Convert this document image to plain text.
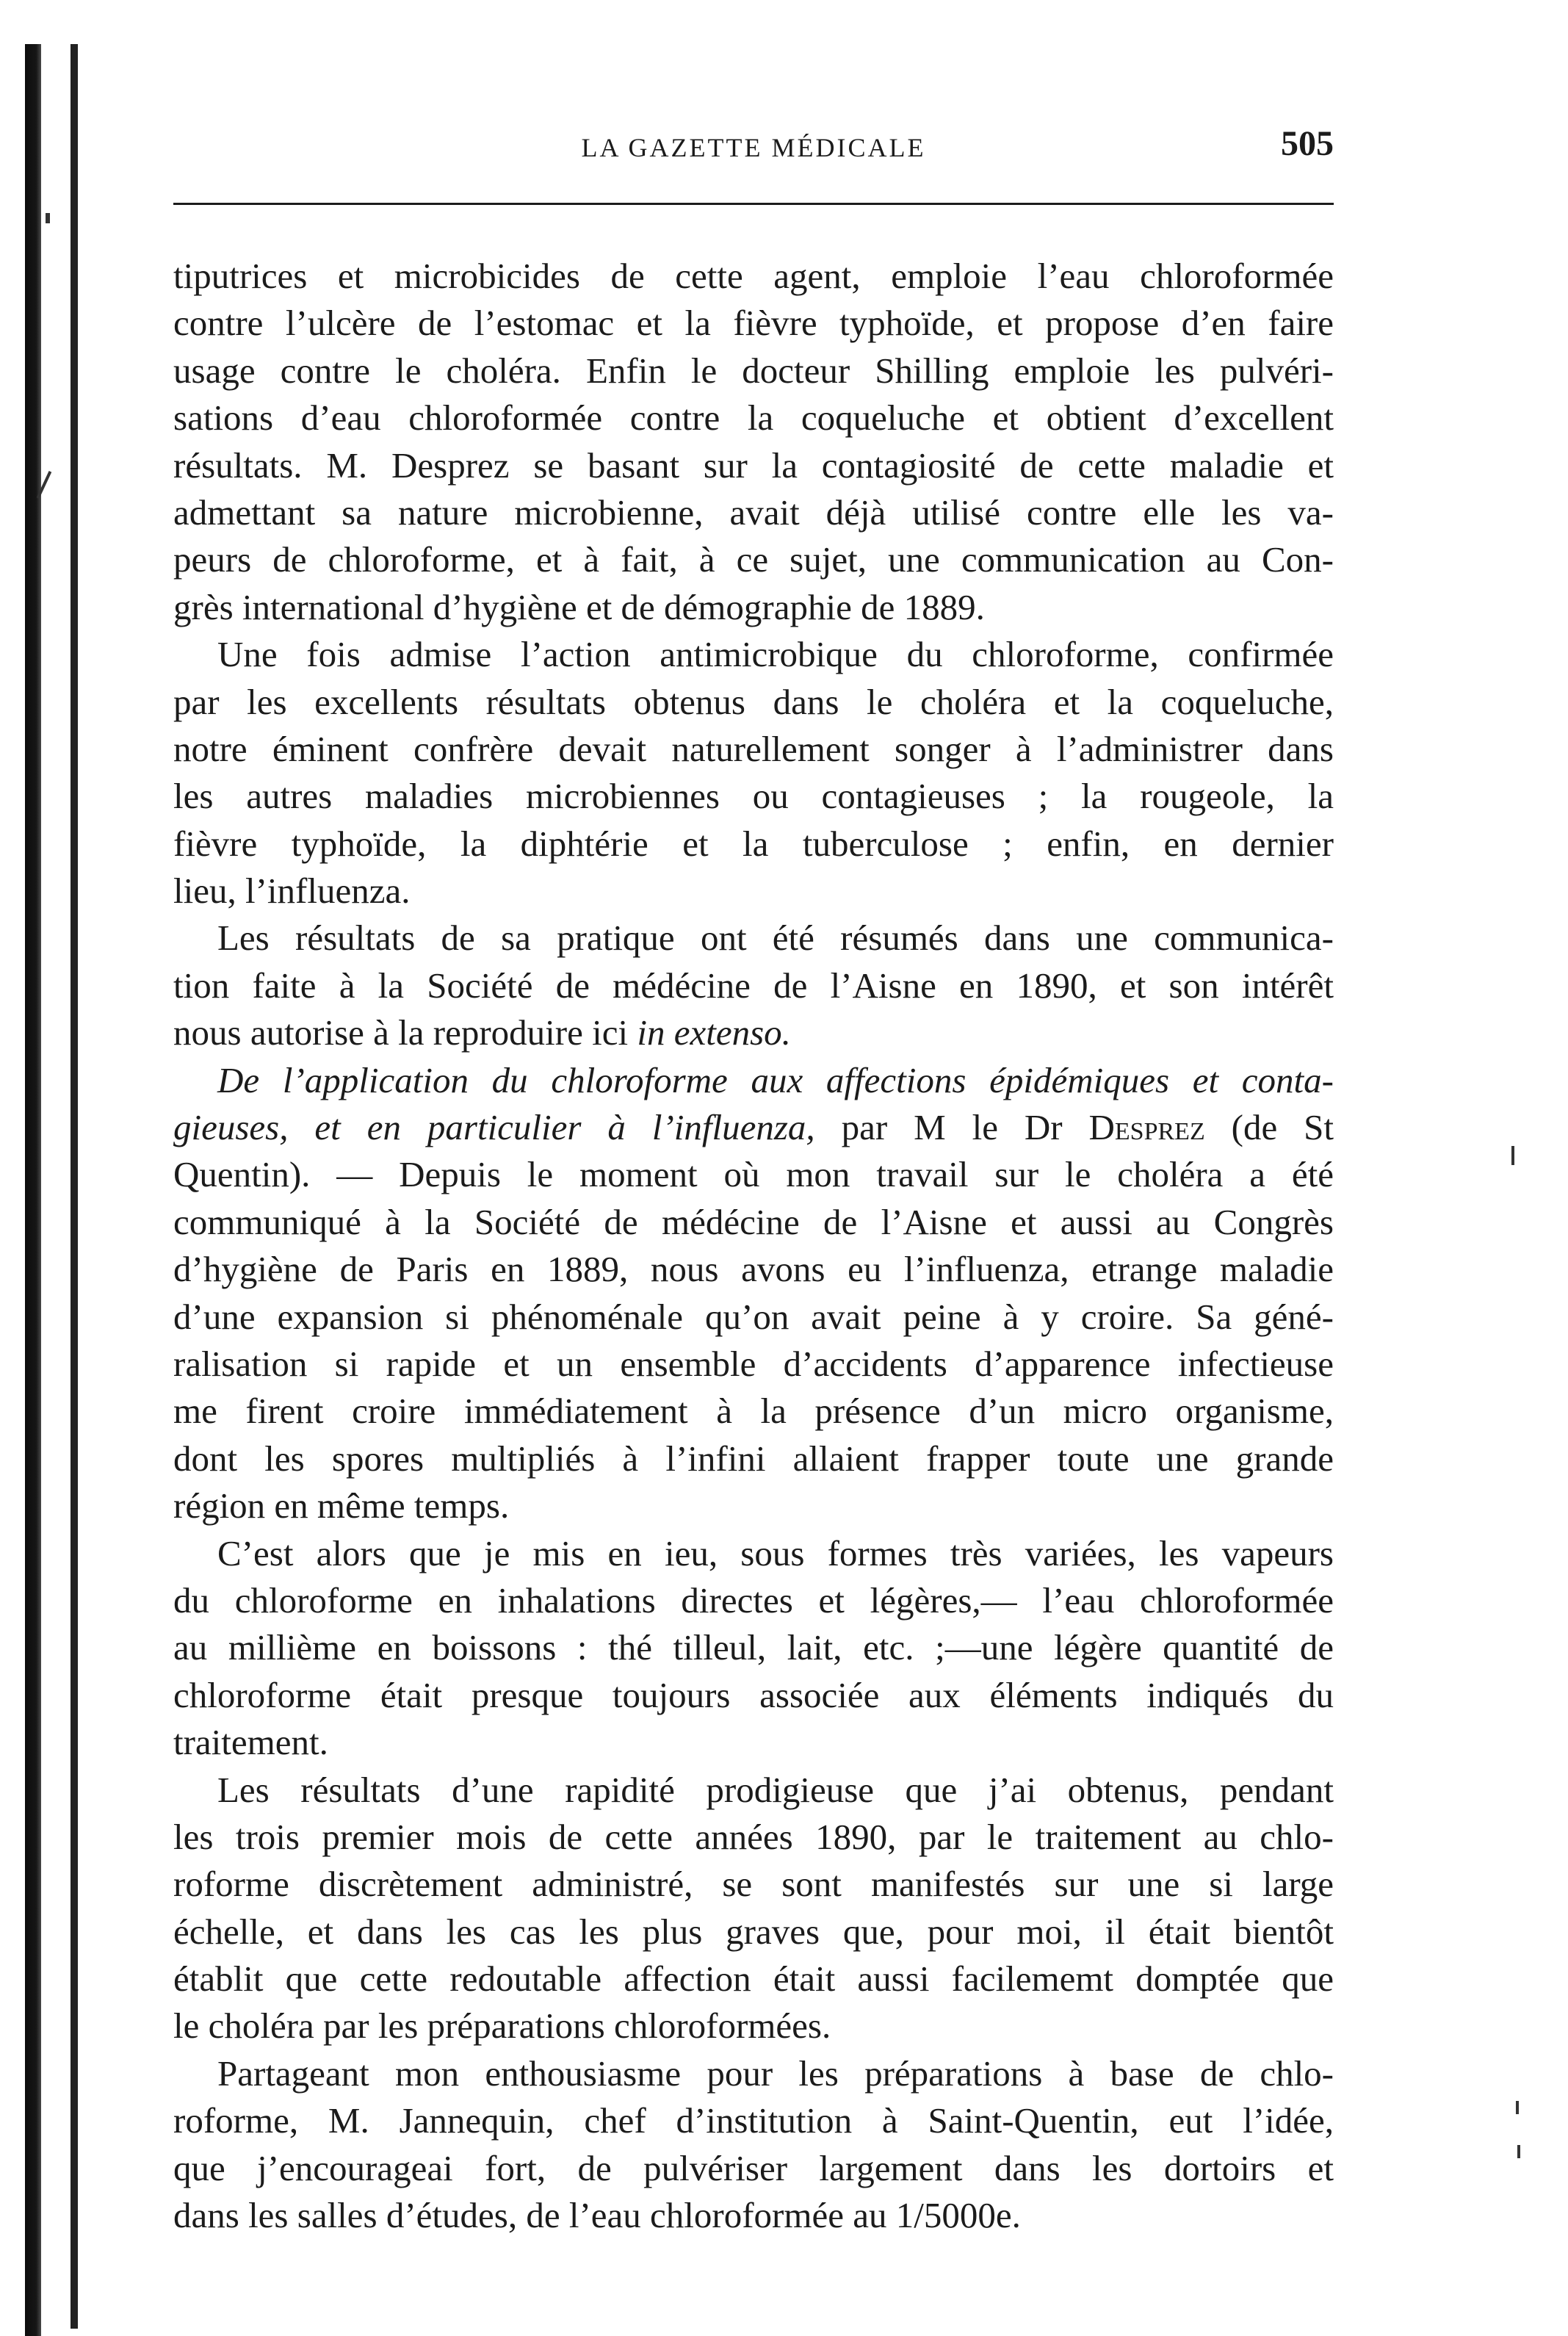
LA GAZETTE MÉDICALE	505
tiputrices et microbicides de cette agent, emploie l’eau chloroformée
contre l’ulcère de l’estomac et la fièvre typhoïde, et propose d’en faire
usage contre le choléra. Enfin le docteur Shilling emploie les pulvéri-
sations d’eau chloroformée contre la coqueluche et obtient d’excellent
résultats. M. Desprez se basant sur la contagiosité de cette maladie et
admettant sa nature microbienne, avait déjà utilisé contre elle les va-
peurs de chloroforme, et à fait, à ce sujet, une communication au Con-
grès international d’hygiène et de démographie de 1889.
Une fois admise l’action antimicrobique du chloroforme, confirmée
par les excellents résultats obtenus dans le choléra et la coqueluche,
notre éminent confrère devait naturellement songer à l’administrer dans
les autres maladies microbiennes ou contagieuses ; la rougeole, la
fièvre typhoïde, la diphtérie et la tuberculose ; enfin, en dernier
lieu, l’influenza.
Les résultats de sa pratique ont été résumés dans une communica-
tion faite à la Société de médécine de l’Aisne en 1890, et son intérêt
nous autorise à la reproduire ici in extenso.
De l’application du chloroforme aux affections épidémiques et conta-
gieuses, et en particulier à l’influenza, par M le Dr Desprez (de St
Quentin). — Depuis le moment où mon travail sur le choléra a été
communiqué à la Société de médécine de l’Aisne et aussi au Congrès
d’hygiène de Paris en 1889, nous avons eu l’influenza, etrange maladie
d’une expansion si phénoménale qu’on avait peine à y croire. Sa géné-
ralisation si rapide et un ensemble d’accidents d’apparence infectieuse
me firent croire immédiatement à la présence d’un micro organisme,
dont les spores multipliés à l’infini allaient frapper toute une grande
région en même temps.
C’est alors que je mis en ieu, sous formes très variées, les vapeurs
du chloroforme en inhalations directes et légères,— l’eau chloroformée
au millième en boissons : thé tilleul, lait, etc. ;—une légère quantité de
chloroforme était presque toujours associée aux éléments indiqués du
traitement.
Les résultats d’une rapidité prodigieuse que j’ai obtenus, pendant
les trois premier mois de cette années 1890, par le traitement au chlo-
roforme discrètement administré, se sont manifestés sur une si large
échelle, et dans les cas les plus graves que, pour moi, il était bientôt
établit que cette redoutable affection était aussi facilememt domptée que
le choléra par les préparations chloroformées.
Partageant mon enthousiasme pour les préparations à base de chlo-
roforme, M. Jannequin, chef d’institution à Saint-Quentin, eut l’idée,
que j’encourageai fort, de pulvériser largement dans les dortoirs et
dans les salles d’études, de l’eau chloroformée au 1/5000e.
